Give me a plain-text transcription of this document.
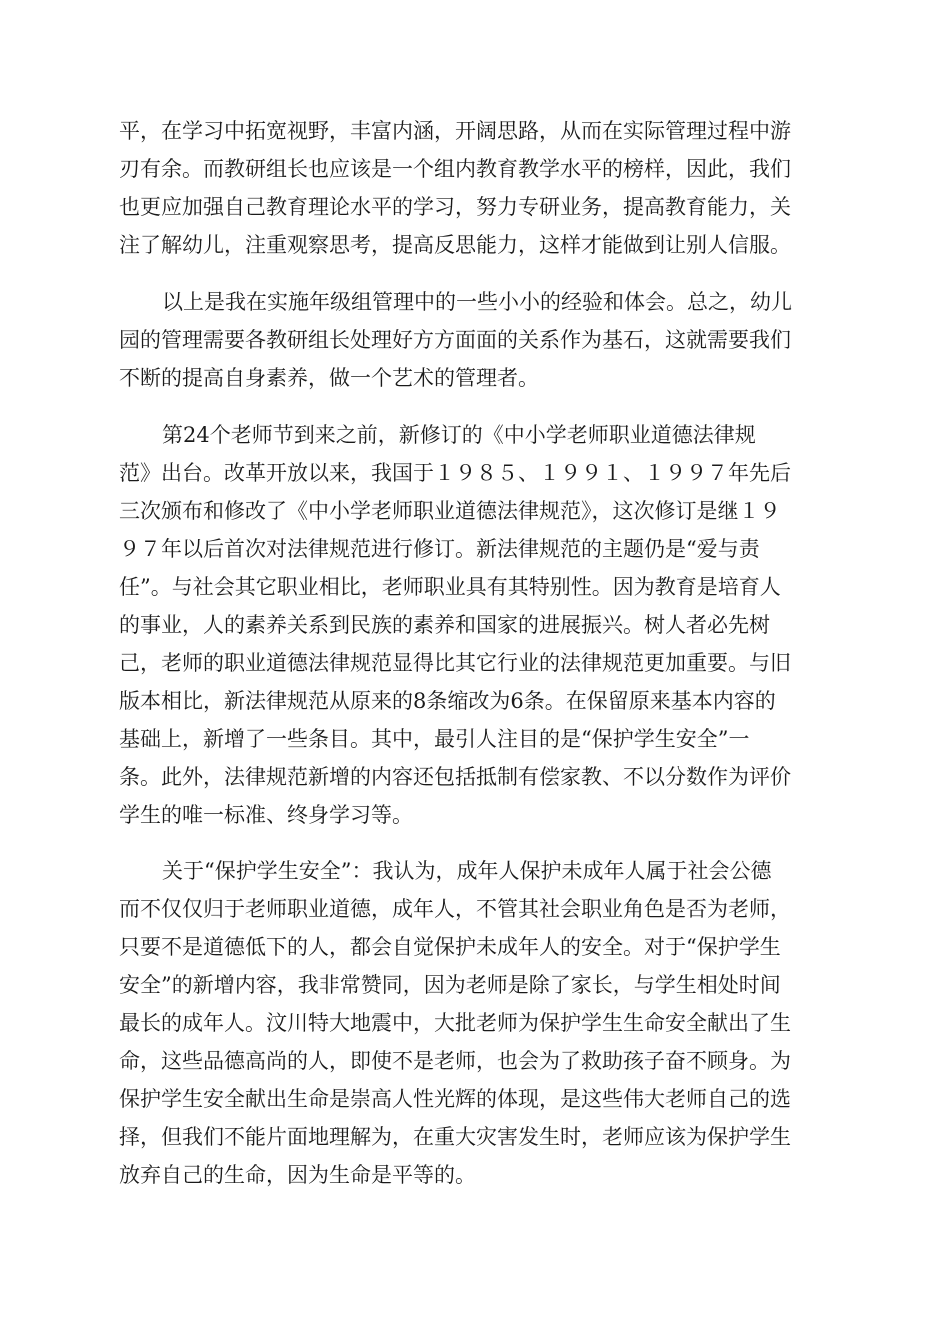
平，在学习中拓宽视野，丰富内涵，开阔思路，从而在实际管理过程中游
刃有余。而教研组长也应该是一个组内教育教学水平的榜样，因此，我们
也更应加强自己教育理论水平的学习，努力专研业务，提高教育能力，关
注了解幼儿，注重观察思考，提高反思能力，这样才能做到让别人信服。
以上是我在实施年级组管理中的一些小小的经验和体会。总之，幼儿
园的管理需要各教研组长处理好方方面面的关系作为基石，这就需要我们
不断的提高自身素养，做一个艺术的管理者。
第24个老师节到来之前，新修订的《中小学老师职业道德法律规
范》出台。改革开放以来，我国于１９８５、１９９１、１９９７年先后
三次颁布和修改了《中小学老师职业道德法律规范》，这次修订是继１９
９７年以后首次对法律规范进行修订。新法律规范的主题仍是“爱与责
任”。与社会其它职业相比，老师职业具有其特别性。因为教育是培育人
的事业，人的素养关系到民族的素养和国家的进展振兴。树人者必先树
己，老师的职业道德法律规范显得比其它行业的法律规范更加重要。与旧
版本相比，新法律规范从原来的8条缩改为6条。在保留原来基本内容的
基础上，新增了一些条目。其中，最引人注目的是“保护学生安全”一
条。此外，法律规范新增的内容还包括抵制有偿家教、不以分数作为评价
学生的唯一标准、终身学习等。
关于“保护学生安全”：我认为，成年人保护未成年人属于社会公德
而不仅仅归于老师职业道德，成年人，不管其社会职业角色是否为老师，
只要不是道德低下的人，都会自觉保护未成年人的安全。对于“保护学生
安全”的新增内容，我非常赞同，因为老师是除了家长，与学生相处时间
最长的成年人。汶川特大地震中，大批老师为保护学生生命安全献出了生
命，这些品德高尚的人，即使不是老师，也会为了救助孩子奋不顾身。为
保护学生安全献出生命是崇高人性光辉的体现，是这些伟大老师自己的选
择，但我们不能片面地理解为，在重大灾害发生时，老师应该为保护学生
放弃自己的生命，因为生命是平等的。
